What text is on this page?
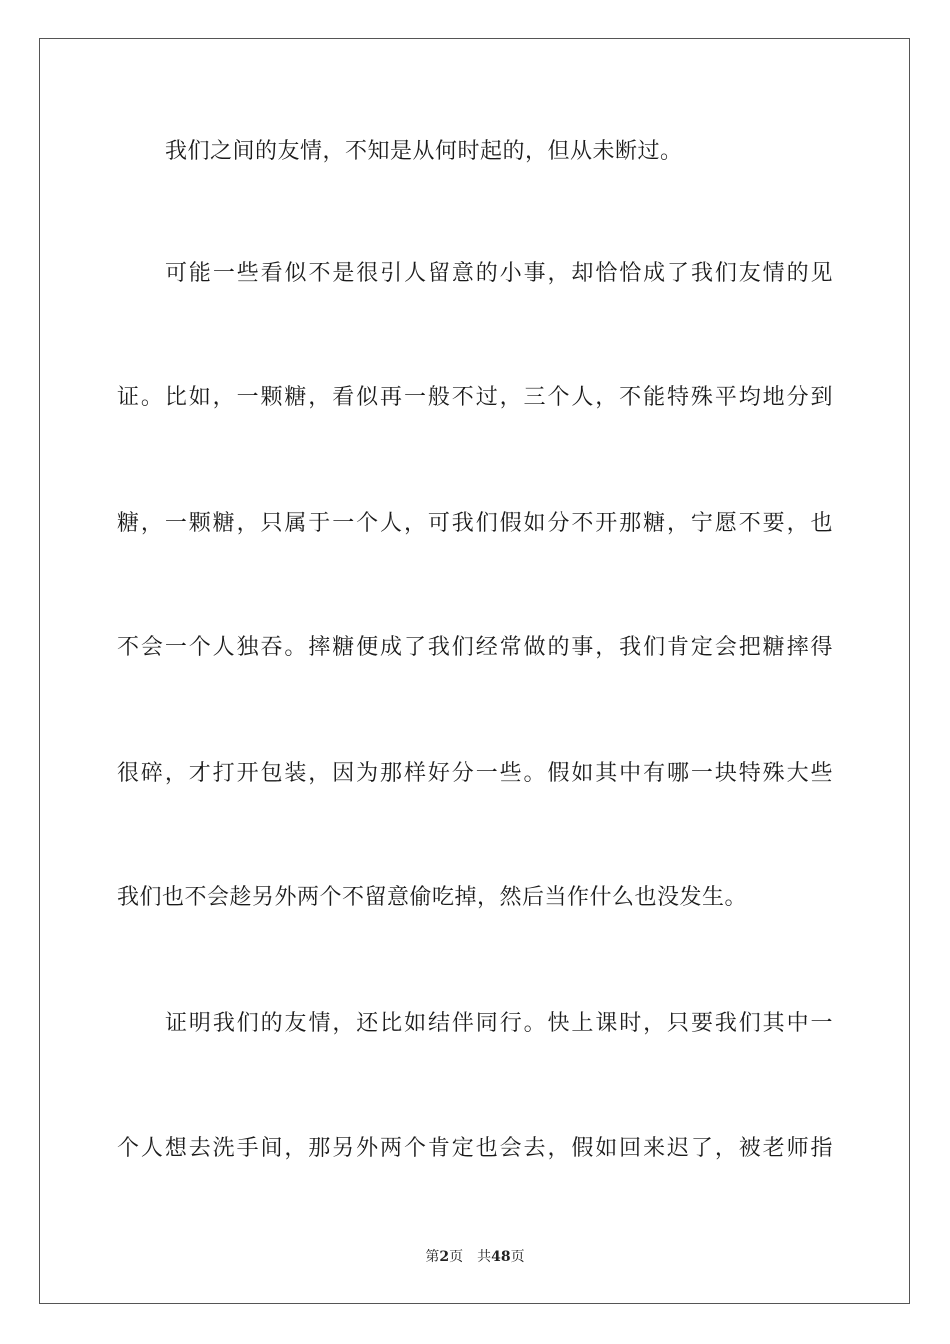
我们之间的友情，不知是从何时起的，但从未断过。
可能一些看似不是很引人留意的小事，却恰恰成了我们友情的见
证。比如，一颗糖，看似再一般不过，三个人，不能特殊平均地分到
糖，一颗糖，只属于一个人，可我们假如分不开那糖，宁愿不要，也
不会一个人独吞。摔糖便成了我们经常做的事，我们肯定会把糖摔得
很碎，才打开包装，因为那样好分一些。假如其中有哪一块特殊大些
我们也不会趁另外两个不留意偷吃掉，然后当作什么也没发生。
证明我们的友情，还比如结伴同行。快上课时，只要我们其中一
个人想去洗手间，那另外两个肯定也会去，假如回来迟了，被老师指
第2页 共48页
